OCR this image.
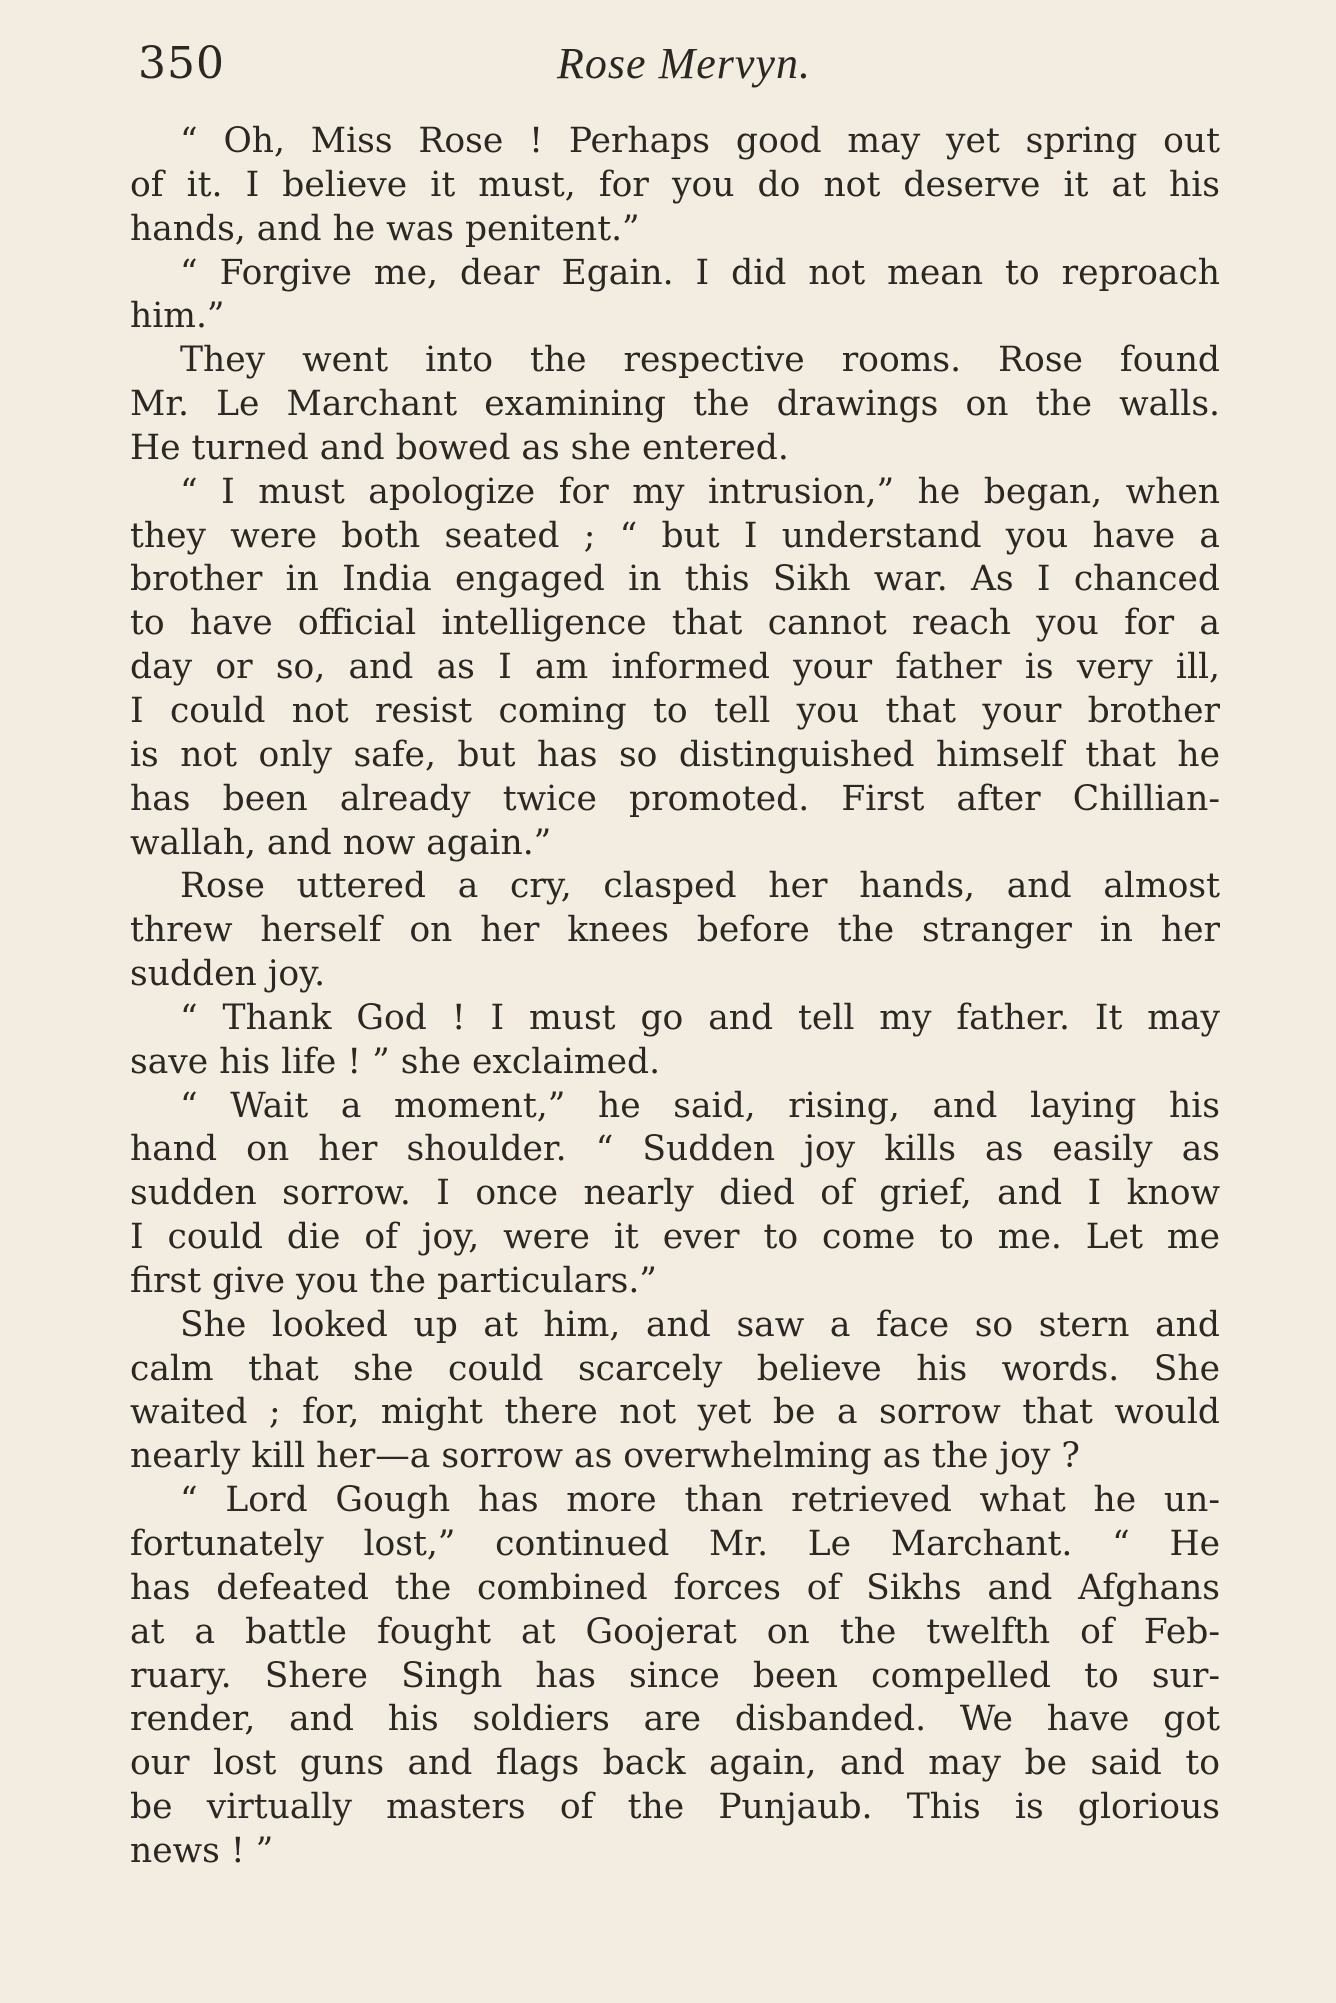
350	Rose Mervyn.
“ Oh, Miss Rose ! Perhaps good may yet spring out
of it. I believe it must, for you do not deserve it at his
hands, and he was penitent.”
“ Forgive me, dear Egain. I did not mean to reproach
him.”
They went into the respective rooms. Rose found
Mr. Le Marchant examining the drawings on the walls.
He turned and bowed as she entered.
“ I must apologize for my intrusion,” he began, when
they were both seated ; “ but I understand you have a
brother in India engaged in this Sikh war. As I chanced
to have official intelligence that cannot reach you for a
day or so, and as I am informed your father is very ill,
I could not resist coming to tell you that your brother
is not only safe, but has so distinguished himself that he
has been already twice promoted. First after Chillian-
wallah, and now again.”
Rose uttered a cry, clasped her hands, and almost
threw herself on her knees before the stranger in her
sudden joy.
“ Thank God ! I must go and tell my father. It may
save his life ! ” she exclaimed.
“ Wait a moment,” he said, rising, and laying his
hand on her shoulder. “ Sudden joy kills as easily as
sudden sorrow. I once nearly died of grief, and I know
I could die of joy, were it ever to come to me. Let me
first give you the particulars.”
She looked up at him, and saw a face so stern and
calm that she could scarcely believe his words. She
waited ; for, might there not yet be a sorrow that would
nearly kill her—a sorrow as overwhelming as the joy ?
“ Lord Gough has more than retrieved what he un-
fortunately lost,” continued Mr. Le Marchant. “ He
has defeated the combined forces of Sikhs and Afghans
at a battle fought at Goojerat on the twelfth of Feb-
ruary. Shere Singh has since been compelled to sur-
render, and his soldiers are disbanded. We have got
our lost guns and flags back again, and may be said to
be virtually masters of the Punjaub. This is glorious
news ! ”
